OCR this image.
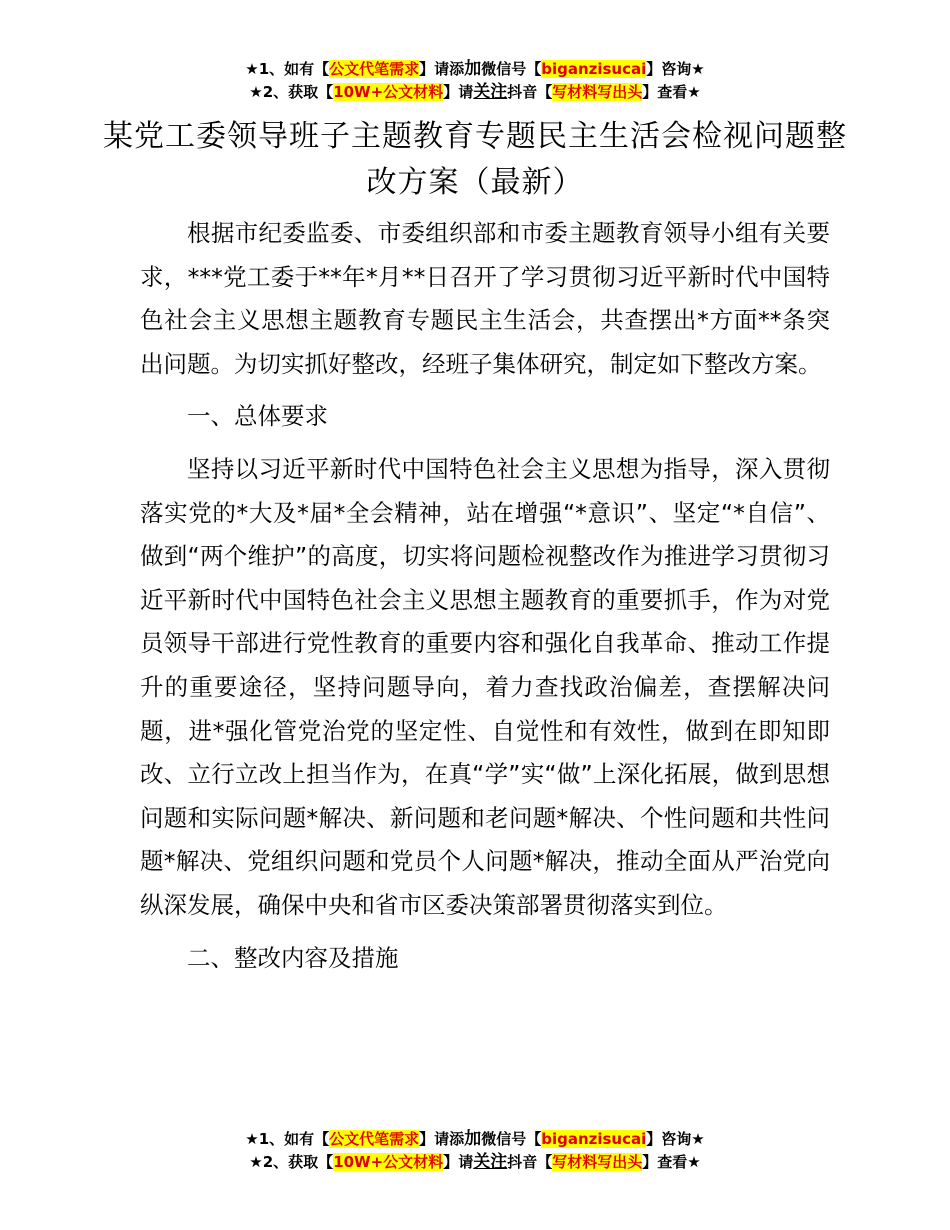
★1、如有【公文代笔需求】请添加微信号【biganzisucai】咨询★
★2、获取【10W+公文材料】请关注抖音【写材料写出头】查看★
某党工委领导班子主题教育专题民主生活会检视问题整改方案（最新）

根据市纪委监委、市委组织部和市委主题教育领导小组有关要求，***党工委于**年*月**日召开了学习贯彻习近平新时代中国特色社会主义思想主题教育专题民主生活会，共查摆出*方面**条突出问题。为切实抓好整改，经班子集体研究，制定如下整改方案。

一、总体要求

坚持以习近平新时代中国特色社会主义思想为指导，深入贯彻落实党的*大及*届*全会精神，站在增强“*意识”、坚定“*自信”、做到“两个维护”的高度，切实将问题检视整改作为推进学习贯彻习近平新时代中国特色社会主义思想主题教育的重要抓手，作为对党员领导干部进行党性教育的重要内容和强化自我革命、推动工作提升的重要途径，坚持问题导向，着力查找政治偏差，查摆解决问题，进*强化管党治党的坚定性、自觉性和有效性，做到在即知即改、立行立改上担当作为，在真“学”实“做”上深化拓展，做到思想问题和实际问题*解决、新问题和老问题*解决、个性问题和共性问题*解决、党组织问题和党员个人问题*解决，推动全面从严治党向纵深发展，确保中央和省市区委决策部署贯彻落实到位。

二、整改内容及措施

★1、如有【公文代笔需求】请添加微信号【biganzisucai】咨询★
★2、获取【10W+公文材料】请关注抖音【写材料写出头】查看★
